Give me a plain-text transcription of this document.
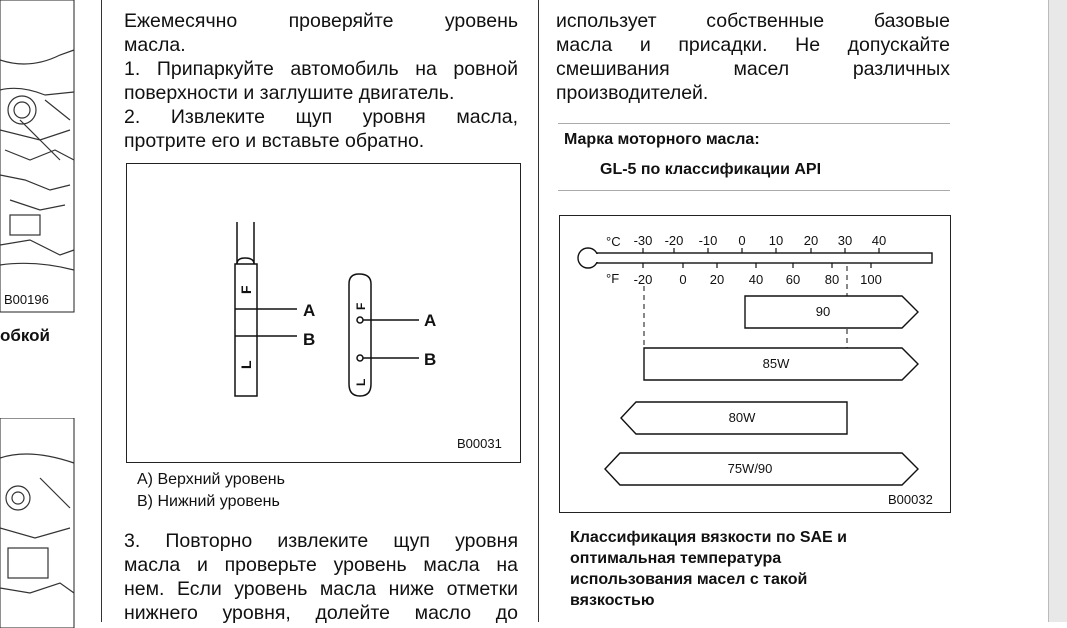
B00196
обкой

Ежемесячно проверяйте уровень

масла.

1. Припаркуйте автомобиль на ровной

поверхности и заглушите двигатель.

2. Извлеките щуп уровня масла,

протрите его и вставьте обратно.

F
L
F
L
A
B
A
B
B00031
A) Верхний уровень
B) Нижний уровень

3. Повторно извлеките щуп уровня

масла и проверьте уровень масла на

нем. Если уровень масла ниже отметки

нижнего уровня, долейте масло до

использует собственные базовые

масла и присадки. Не допускайте

смешивания масел различных

производителей.

Марка моторного масла:
GL-5 по классификации API
°C
°F
-30 -20 -10 0 10 20 30 40
-20 0 20 40 60 80 100
90
85W
80W
75W/90
B00032
Классификация вязкости по SAE и
оптимальная температура
использования масел с такой
вязкостью
